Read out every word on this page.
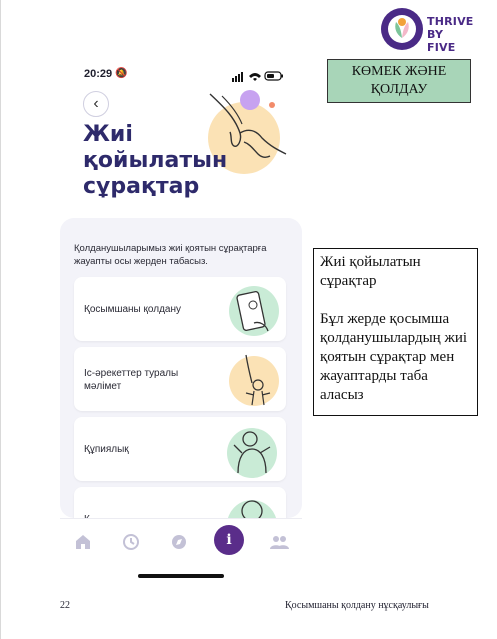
THRIVE
BY FIVE
КӨМЕК ЖӘНЕ ҚОЛДАУ
20:29 🔕
‹
Жиі қойылатын сұрақтар
Қолданушыларымыз жиі қоятын сұрақтарға жауапты осы жерден табасыз.
Қосымшаны қолдану
Іс-әрекеттер туралы мәлімет
Құпиялық
i
Жиі қойылатын сұрақтар
Бұл жерде қосымша қолданушылардың жиі қоятын сұрақтар мен жауаптарды таба аласыз
22	Қосымшаны қолдану нұсқаулығы
